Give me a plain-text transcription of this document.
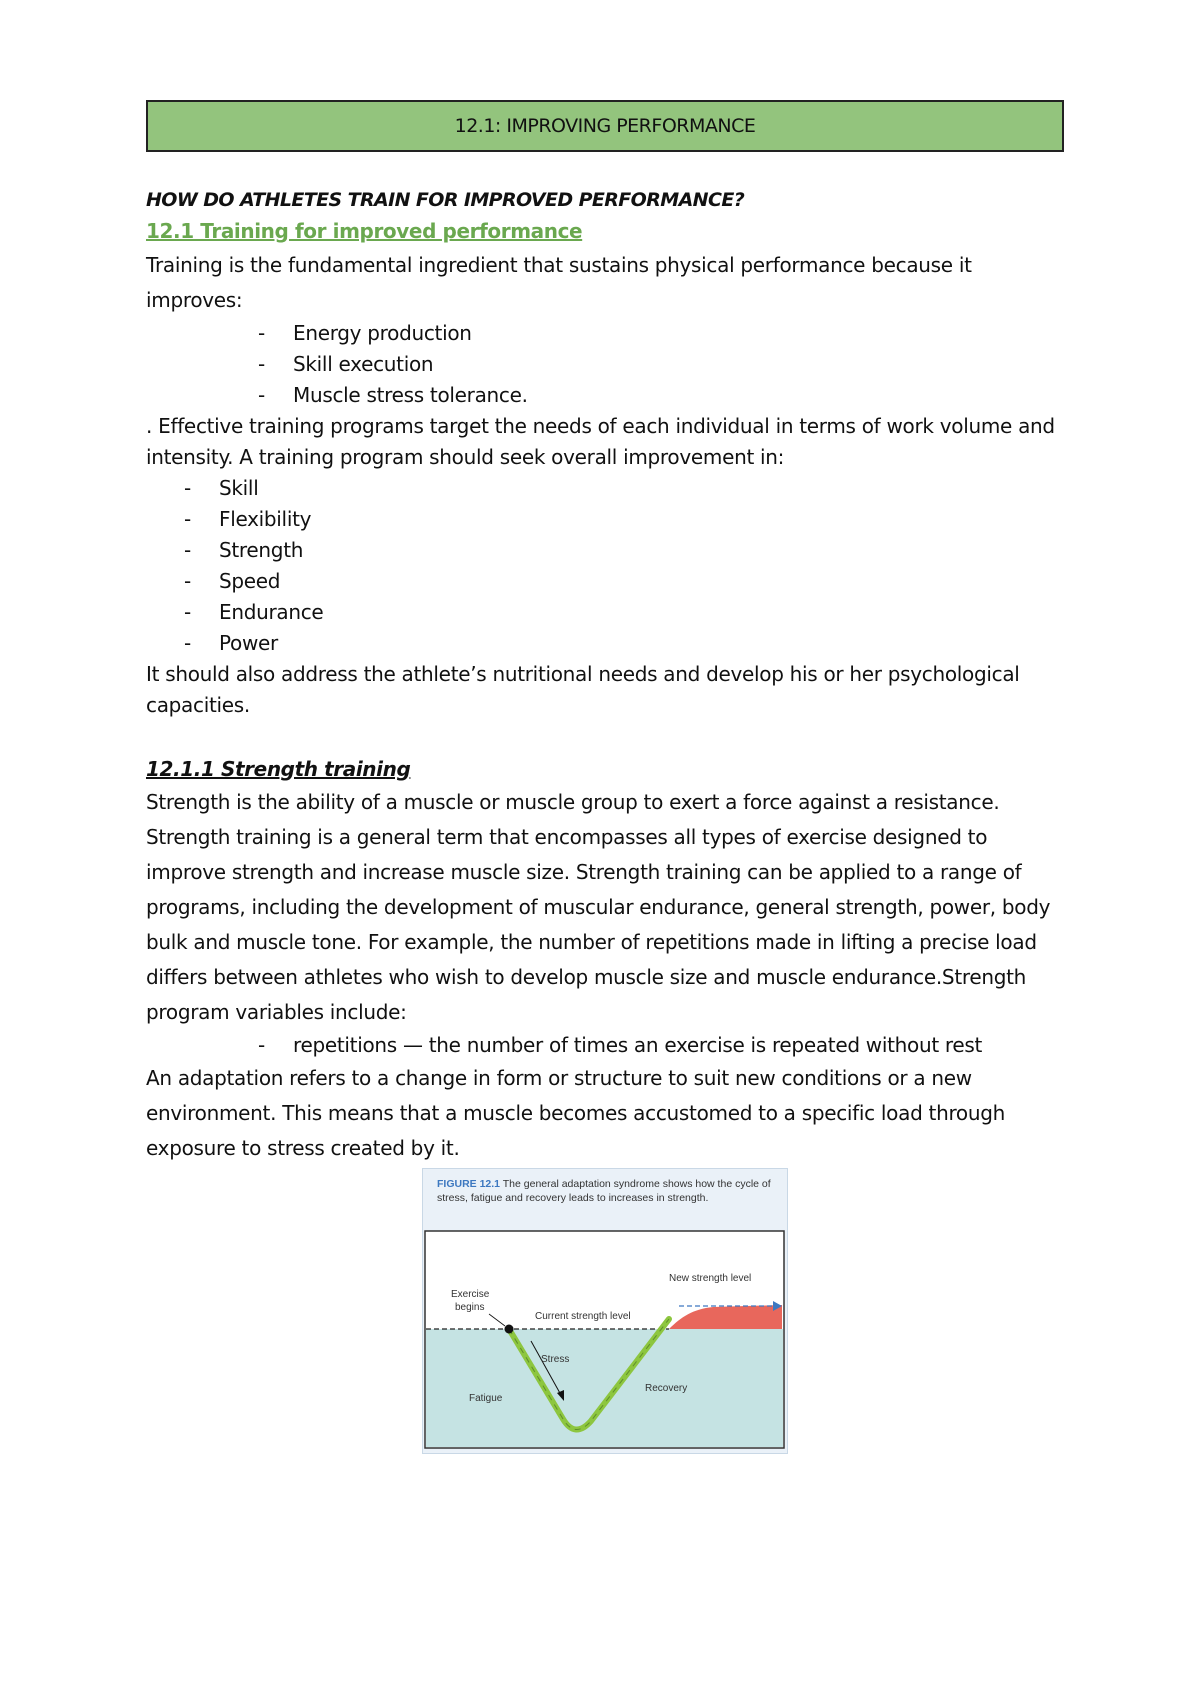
12.1: IMPROVING PERFORMANCE
HOW DO ATHLETES TRAIN FOR IMPROVED PERFORMANCE?
12.1 Training for improved performance

Training is the fundamental ingredient that sustains physical performance because it improves:

-	Energy production
-	Skill execution
-	Muscle stress tolerance.

. Effective training programs target the needs of each individual in terms of work volume and intensity. A training program should seek overall improvement in:

-	Skill
-	Flexibility
-	Strength
-	Speed
-	Endurance
-	Power

It should also address the athlete’s nutritional needs and develop his or her psychological capacities.

12.1.1 Strength training

Strength is the ability of a muscle or muscle group to exert a force against a resistance. Strength training is a general term that encompasses all types of exercise designed to improve strength and increase muscle size. Strength training can be applied to a range of programs, including the development of muscular endurance, general strength, power, body bulk and muscle tone. For example, the number of repetitions made in lifting a precise load differs between athletes who wish to develop muscle size and muscle endurance.Strength program variables include:

-	repetitions — the number of times an exercise is repeated without rest

An adaptation refers to a change in form or structure to suit new conditions or a new environment. This means that a muscle becomes accustomed to a specific load through exposure to stress created by it.

FIGURE 12.1 The general adaptation syndrome shows how the cycle of stress, fatigue and recovery leads to increases in strength.
New strength level
Exercise
begins
Current strength level
Stress
Recovery
Fatigue
